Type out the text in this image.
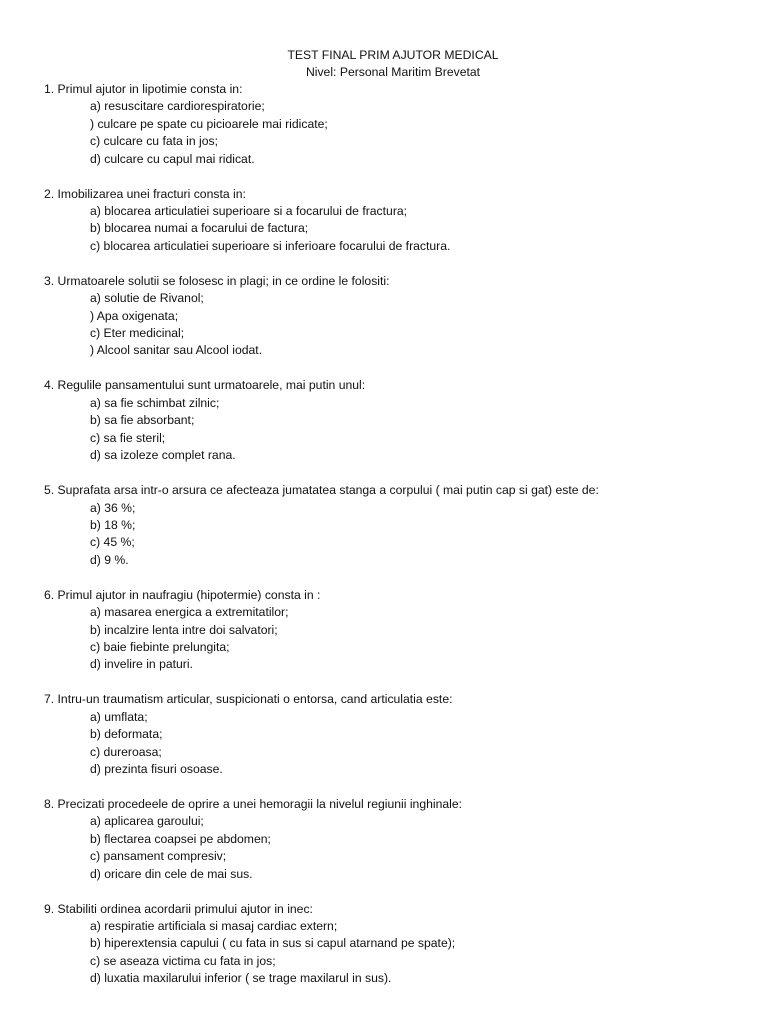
TEST FINAL PRIM AJUTOR MEDICAL
Nivel: Personal Maritim Brevetat
1. Primul ajutor in lipotimie consta in:
a) resuscitare cardiorespiratorie;
) culcare pe spate cu picioarele mai ridicate;
c) culcare cu fata in jos;
d) culcare cu capul mai ridicat.
2. Imobilizarea unei fracturi consta in:
a) blocarea articulatiei superioare si a focarului de fractura;
b) blocarea numai a focarului de factura;
c) blocarea articulatiei superioare si inferioare focarului de fractura.
3. Urmatoarele solutii se folosesc in plagi; in ce ordine le folositi:
a) solutie de Rivanol;
) Apa oxigenata;
c) Eter medicinal;
) Alcool sanitar sau Alcool iodat.
4. Regulile pansamentului sunt urmatoarele, mai putin unul:
a) sa fie schimbat zilnic;
b) sa fie absorbant;
c) sa fie steril;
d) sa izoleze complet rana.
5. Suprafata arsa intr-o arsura ce afecteaza jumatatea stanga a corpului ( mai putin cap si gat) este de:
a) 36 %;
b) 18 %;
c) 45 %;
d) 9 %.
6. Primul ajutor in naufragiu (hipotermie) consta in :
a) masarea energica a extremitatilor;
b) incalzire lenta intre doi salvatori;
c) baie fiebinte prelungita;
d) invelire in paturi.
7. Intru-un traumatism articular, suspicionati o entorsa, cand articulatia este:
a) umflata;
b) deformata;
c) dureroasa;
d) prezinta fisuri osoase.
8. Precizati procedeele de oprire a unei hemoragii la nivelul regiunii inghinale:
a) aplicarea garoului;
b) flectarea coapsei pe abdomen;
c) pansament compresiv;
d) oricare din cele de mai sus.
9. Stabiliti ordinea acordarii primului ajutor in inec:
a) respiratie artificiala si masaj cardiac extern;
b) hiperextensia capului ( cu fata in sus si capul atarnand pe spate);
c) se aseaza victima cu fata in jos;
d) luxatia maxilarului inferior ( se trage maxilarul in sus).
